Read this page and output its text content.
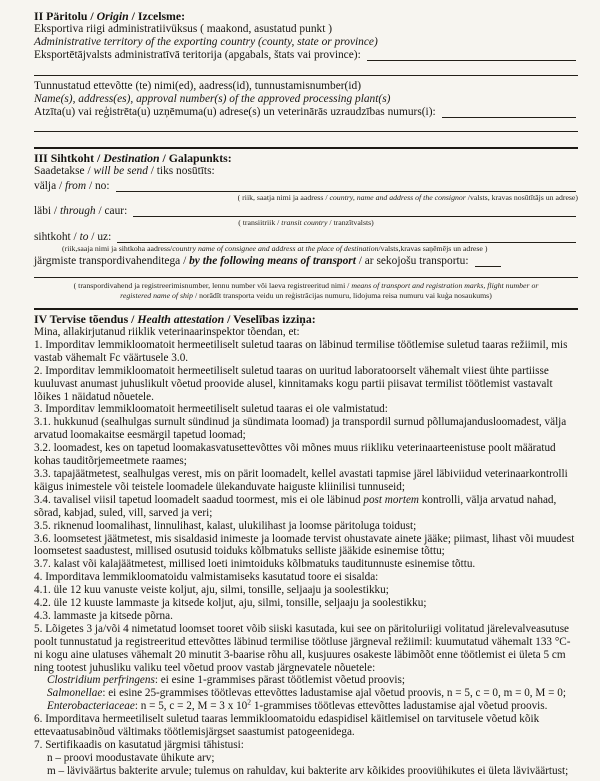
II Päritolu / Origin / Izcelsme:
Eksportiva riigi administratiivüksus ( maakond, asustatud punkt )
Administrative territory of the exporting country (county, state or province)
Eksportētājvalsts administratīvā teritorija (apgabals, štats vai province):
Tunnustatud ettevõtte (te) nimi(ed), aadress(id), tunnustamisnumber(id)
Name(s), address(es), approval number(s) of the approved processing plant(s)
Atzīta(u) vai reģistrēta(u) uzņēmuma(u) adrese(s) un veterinārās uzraudzības numurs(i):
III Sihtkoht / Destination / Galapunkts:
Saadetakse / will be send / tiks nosūtīts:
välja / from / no:
( riik, saatja nimi ja aadress / country, name and address of the consignor /valsts, kravas nosūtītājs un adrese)
läbi / through / caur:
( transiitriik / transit country / tranzītvalsts)
sihtkoht / to / uz:
(riik,saaja nimi ja sihtkoha aadress/country name of consignee and address at the place of destination/valsts,kravas saņēmējs un adrese )
järgmiste transpordivahenditega / by the following means of transport / ar sekojošu transportu:
( transpordivahend ja registreerimisnumber, lennu number või laeva registreeritud nimi / means of transport and registration marks, flight number or
registered name of ship / norādīt transporta veidu un reģistrācijas numuru, lidojuma reisa numuru vai kuģa nosaukums)
IV Tervise tõendus / Health attestation / Veselības izziņa:
Mina, allakirjutanud riiklik veterinaarinspektor tõendan, et:
1. Imporditav lemmikloomatoit hermeetiliselt suletud taaras on läbinud termilise töötlemise suletud taaras režiimil, mis vastab vähemalt Fc väärtusele 3.0.
2. Imporditav lemmikloomatoit hermeetiliselt suletud taaras on uuritud laboratoorselt vähemalt viiest ühte partiisse kuuluvast anumast juhuslikult võetud proovide alusel, kinnitamaks kogu partii piisavat termilist töötlemist vastavalt lõikes 1 näidatud nõuetele.
3. Imporditav lemmikloomatoit hermeetiliselt suletud taaras ei ole valmistatud:
3.1. hukkunud (sealhulgas surnult sündinud ja sündimata loomad) ja transpordil surnud põllumajandusloomadest, välja arvatud loomakaitse eesmärgil tapetud loomad;
3.2. loomadest, kes on tapetud loomakasvatusettevõttes või mõnes muus riikliku veterinaarteenistuse poolt määratud kohas tauditõrjemeetmete raames;
3.3. tapajäätmetest, sealhulgas verest, mis on pärit loomadelt, kellel avastati tapmise järel läbiviidud veterinaarkontrolli käigus inimestele või teistele loomadele ülekanduvate haiguste kliinilisi tunnuseid;
3.4. tavalisel viisil tapetud loomadelt saadud toormest, mis ei ole läbinud post mortem kontrolli, välja arvatud nahad, sõrad, kabjad, suled, vill, sarved ja veri;
3.5. riknenud loomalihast, linnulihast, kalast, ulukilihast ja loomse päritoluga toidust;
3.6. loomsetest jäätmetest, mis sisaldasid inimeste ja loomade tervist ohustavate ainete jääke; piimast, lihast või muudest loomsetest saadustest, millised osutusid toiduks kõlbmatuks selliste jääkide esinemise tõttu;
3.7. kalast või kalajäätmetest, millised loeti inimtoiduks kõlbmatuks tauditunnuste esinemise tõttu.
4. Imporditava lemmikloomatoidu valmistamiseks kasutatud toore ei sisalda:
4.1. üle 12 kuu vanuste veiste koljut, aju, silmi, tonsille, seljaaju ja soolestikku;
4.2. üle 12 kuuste lammaste ja kitsede koljut, aju, silmi, tonsille, seljaaju ja soolestikku;
4.3. lammaste ja kitsede põrna.
5. Lõigetes 3 ja/või 4 nimetatud loomset tooret võib siiski kasutada, kui see on päritoluriigi volitatud järelevalveasutuse poolt tunnustatud ja registreeritud ettevõttes läbinud termilise töötluse järgneval režiimil: kuumutatud vähemalt 133 °C-ni kogu aine ulatuses vähemalt 20 minutit 3-baarise rõhu all, kusjuures osakeste läbimõõt enne töötlemist ei ületa 5 cm ning tootest juhusliku valiku teel võetud proov vastab järgnevatele nõuetele:
Clostridium perfringens: ei esine 1-grammises pärast töötlemist võetud proovis;
Salmonellae: ei esine 25-grammises töötlevas ettevõttes ladustamise ajal võetud proovis, n = 5, c = 0, m = 0, M = 0;
Enterobacteriaceae: n = 5, c = 2, M = 3 x $10^2$ 1-grammises töötlevas ettevõttes ladustamise ajal võetud proovis.
6. Imporditava hermeetiliselt suletud taaras lemmikloomatoidu edaspidisel käitlemisel on tarvitusele võetud kõik ettevaatusabinõud vältimaks töötlemisjärgset saastumist patogeenidega.
7. Sertifikaadis on kasutatud järgmisi tähistusi:
n – proovi moodustavate ühikute arv;
m – läviväärtus bakterite arvule; tulemus on rahuldav, kui bakterite arv kõikides prooviühikutes ei ületa läviväärtust;
